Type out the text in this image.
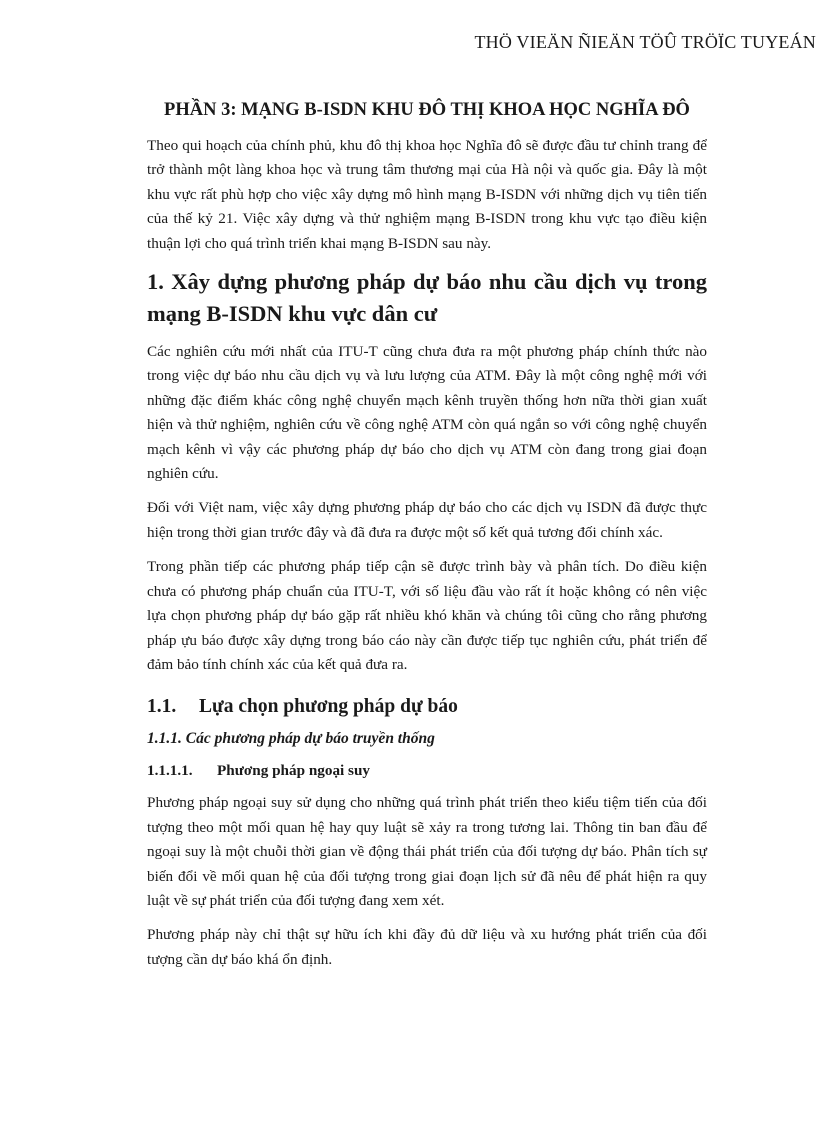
THÖ VIEÄN ÑIEÄN TÖÛ TRÖÏC TUYEÁN
PHẦN 3: MẠNG B-ISDN KHU ĐÔ THỊ KHOA HỌC NGHĨA ĐÔ

Theo qui hoạch của chính phủ, khu đô thị khoa học Nghĩa đô sẽ được đầu tư chỉnh trang để trở thành một làng khoa học và trung tâm thương mại của Hà nội và quốc gia. Đây là một khu vực rất phù hợp cho việc xây dựng mô hình mạng B-ISDN với những dịch vụ tiên tiến của thế kỷ 21. Việc xây dựng và thử nghiệm mạng B-ISDN trong khu vực tạo điều kiện thuận lợi cho quá trình triển khai mạng B-ISDN sau này.

1. Xây dựng phương pháp dự báo nhu cầu dịch vụ trong mạng B-ISDN khu vực dân cư

Các nghiên cứu mới nhất của ITU-T cũng chưa đưa ra một phương pháp chính thức nào trong việc dự báo nhu cầu dịch vụ và lưu lượng của ATM. Đây là một công nghệ mới với những đặc điểm khác công nghệ chuyển mạch kênh truyền thống hơn nữa thời gian xuất hiện và thử nghiệm, nghiên cứu về công nghệ ATM còn quá ngắn so với công nghệ chuyển mạch kênh vì vậy các phương pháp dự báo cho dịch vụ ATM còn đang trong giai đoạn nghiên cứu.

Đối với Việt nam, việc xây dựng phương pháp dự báo cho các dịch vụ ISDN đã được thực hiện trong thời gian trước đây và đã đưa ra được một số kết quả tương đối chính xác.

Trong phần tiếp các phương pháp tiếp cận sẽ được trình bày và phân tích. Do điều kiện chưa có phương pháp chuẩn của ITU-T, với số liệu đầu vào rất ít hoặc không có nên việc lựa chọn phương pháp dự báo gặp rất nhiều khó khăn và chúng tôi cũng cho rằng phương pháp ựu báo được xây dựng trong báo cáo này cần được tiếp tục nghiên cứu, phát triển để đảm bảo tính chính xác của kết quả đưa ra.

1.1. Lựa chọn phương pháp dự báo
1.1.1. Các phương pháp dự báo truyền thống
1.1.1.1. Phương pháp ngoại suy

Phương pháp ngoại suy sử dụng cho những quá trình phát triển theo kiểu tiệm tiến của đối tượng theo một mối quan hệ hay quy luật sẽ xảy ra trong tương lai. Thông tin ban đầu để ngoại suy là một chuỗi thời gian về động thái phát triển của đối tượng dự báo. Phân tích sự biến đổi về mối quan hệ của đối tượng trong giai đoạn lịch sử đã nêu để phát hiện ra quy luật về sự phát triển của đối tượng đang xem xét.

Phương pháp này chỉ thật sự hữu ích khi đầy đủ dữ liệu và xu hướng phát triển của đối tượng cần dự báo khá ổn định.
